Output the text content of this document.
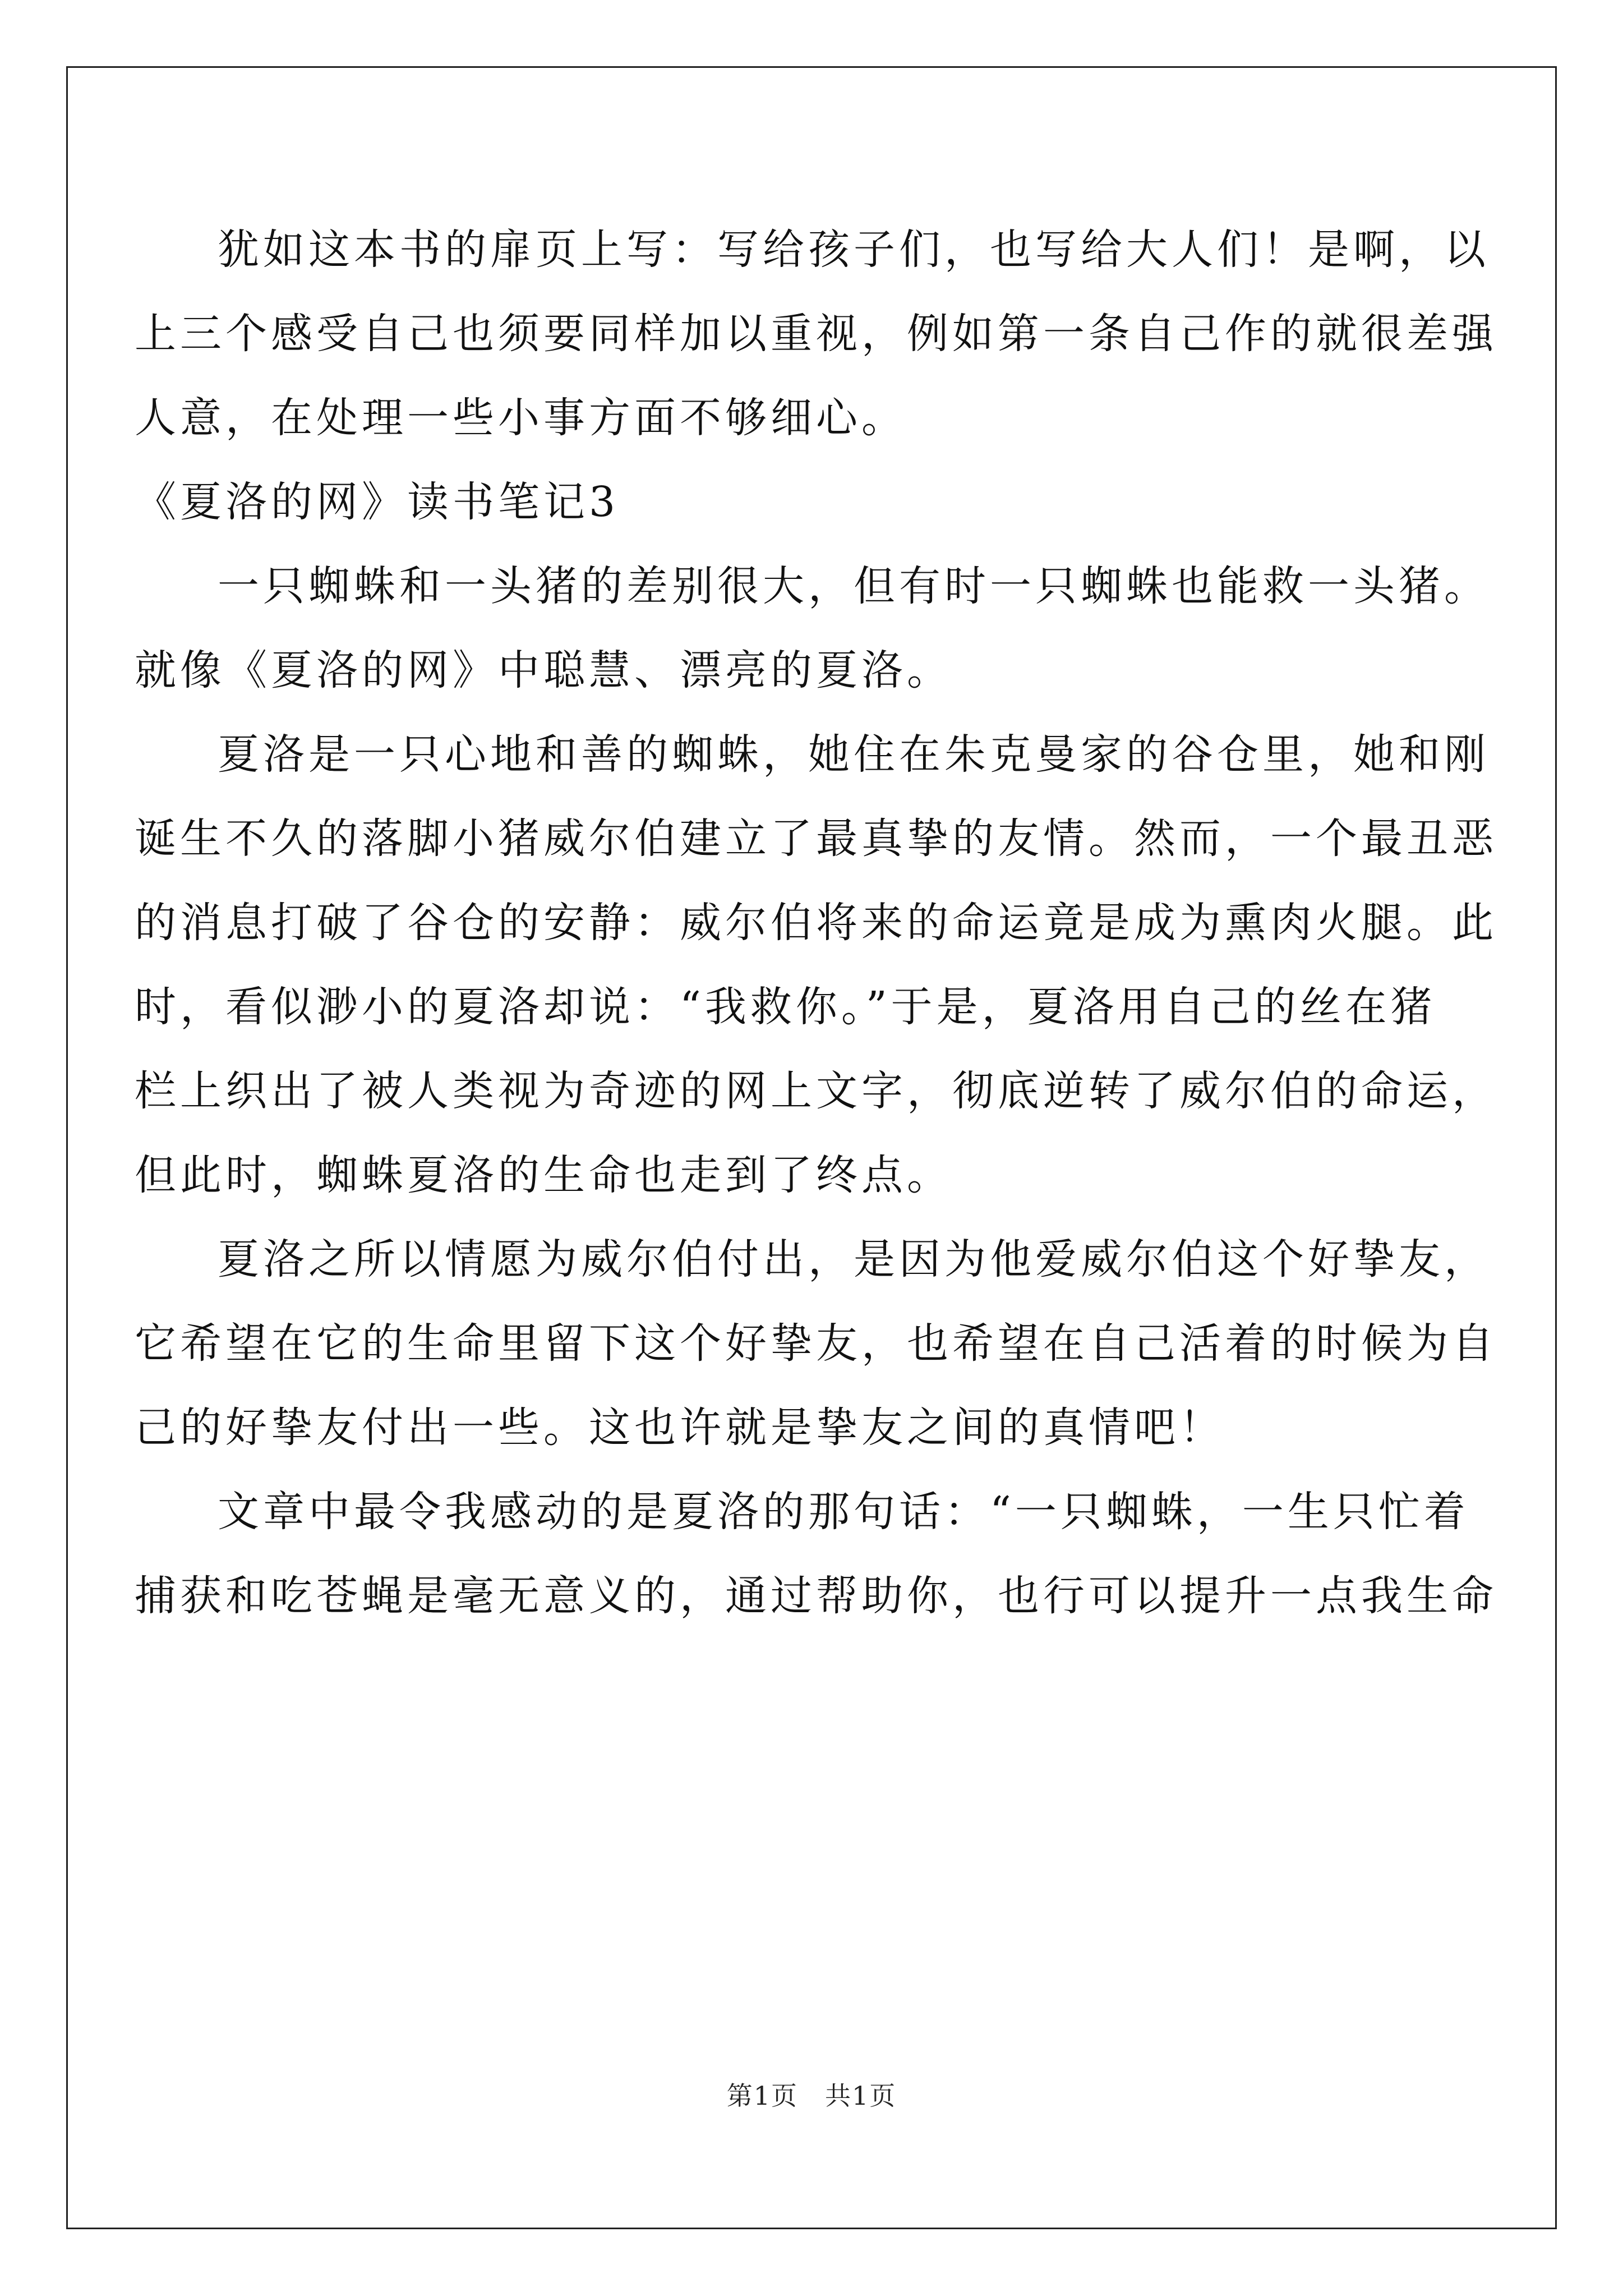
犹如这本书的扉页上写：写给孩子们，也写给大人们！是啊，以
上三个感受自己也须要同样加以重视，例如第一条自己作的就很差强
人意，在处理一些小事方面不够细心。

《夏洛的网》读书笔记3

一只蜘蛛和一头猪的差别很大，但有时一只蜘蛛也能救一头猪。
就像《夏洛的网》中聪慧、漂亮的夏洛。

夏洛是一只心地和善的蜘蛛，她住在朱克曼家的谷仓里，她和刚
诞生不久的落脚小猪威尔伯建立了最真挚的友情。然而，一个最丑恶
的消息打破了谷仓的安静：威尔伯将来的命运竟是成为熏肉火腿。此
时，看似渺小的夏洛却说：“我救你。”于是，夏洛用自己的丝在猪
栏上织出了被人类视为奇迹的网上文字，彻底逆转了威尔伯的命运，
但此时，蜘蛛夏洛的生命也走到了终点。

夏洛之所以情愿为威尔伯付出，是因为他爱威尔伯这个好挚友，
它希望在它的生命里留下这个好挚友，也希望在自己活着的时候为自
己的好挚友付出一些。这也许就是挚友之间的真情吧！

文章中最令我感动的是夏洛的那句话：“一只蜘蛛，一生只忙着
捕获和吃苍蝇是毫无意义的，通过帮助你，也行可以提升一点我生命

第1页　共1页
